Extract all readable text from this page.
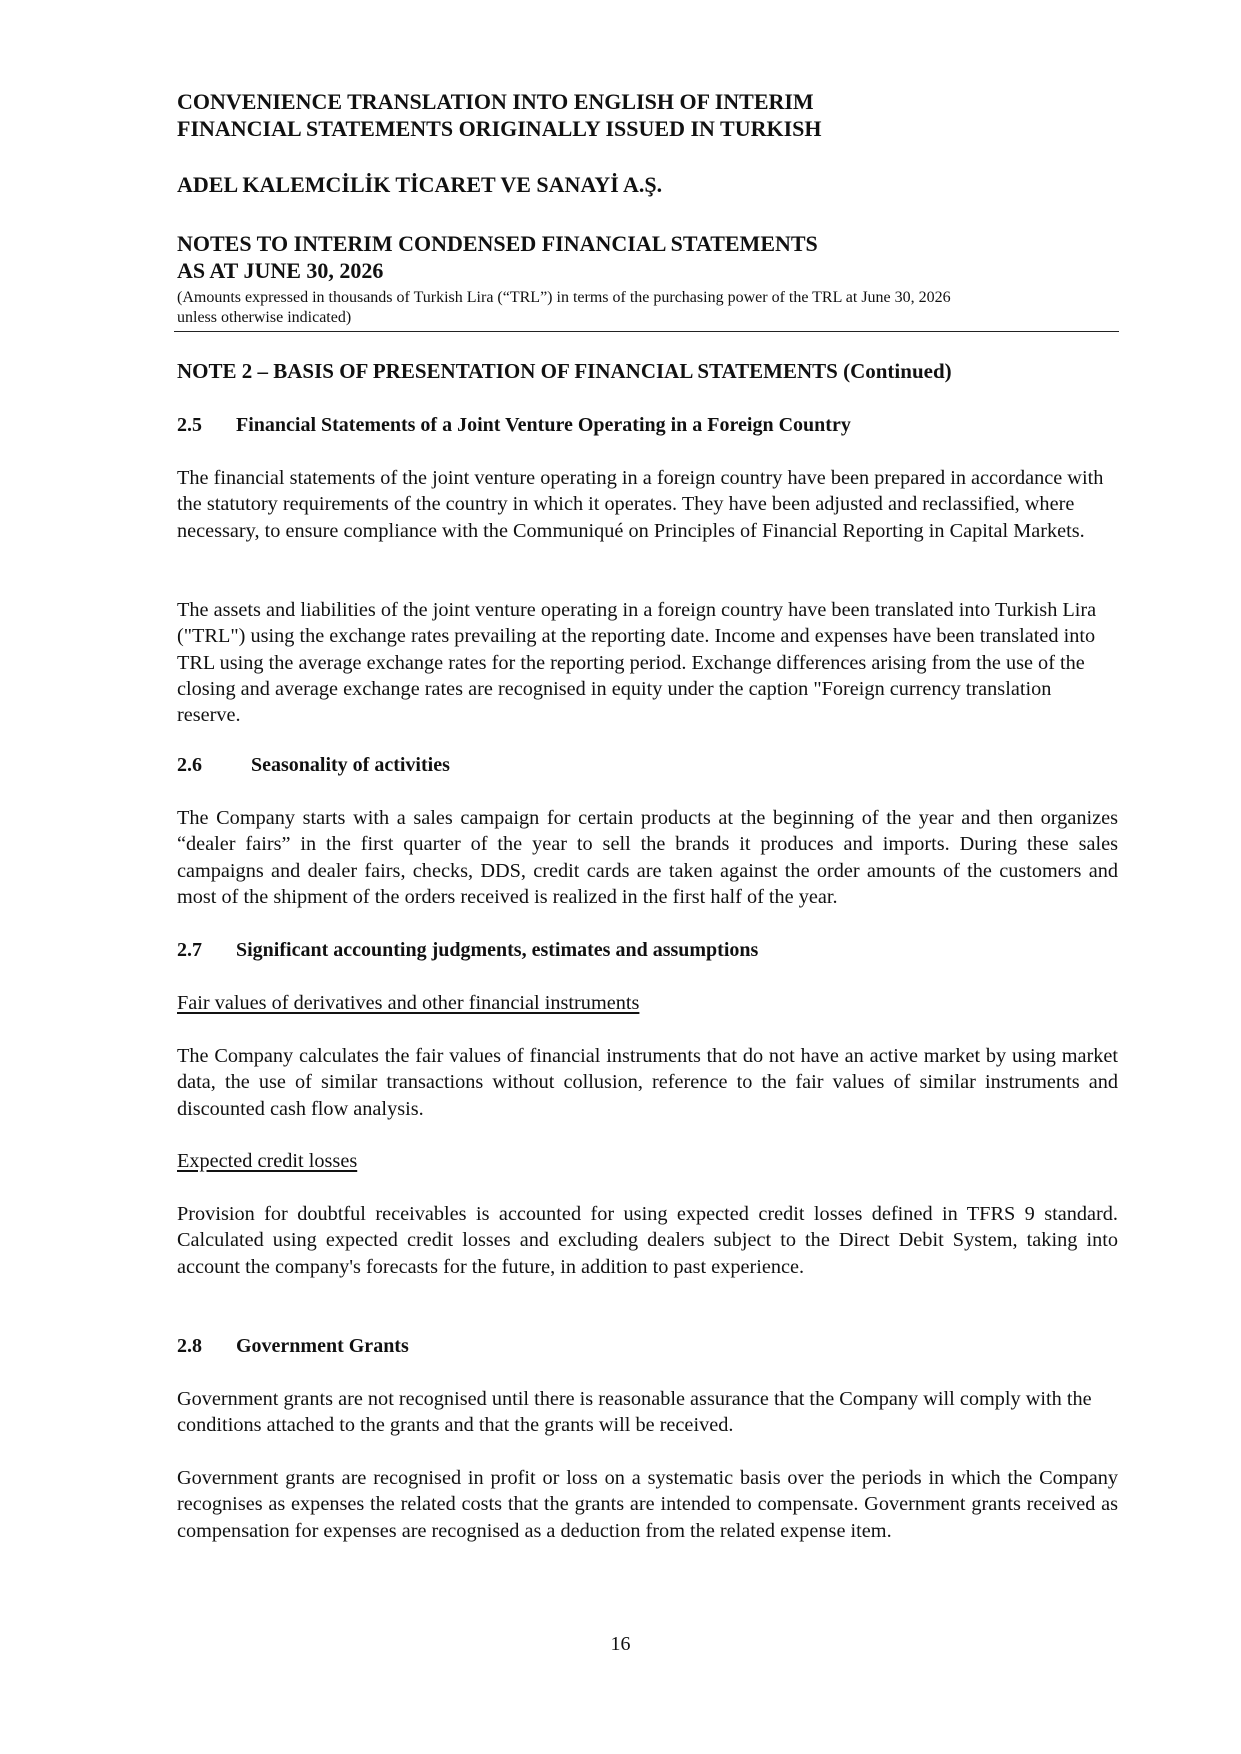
CONVENIENCE TRANSLATION INTO ENGLISH OF INTERIM

FINANCIAL STATEMENTS ORIGINALLY ISSUED IN TURKISH

ADEL KALEMCİLİK TİCARET VE SANAYİ A.Ş.

NOTES TO INTERIM CONDENSED FINANCIAL STATEMENTS

AS AT JUNE 30, 2026

(Amounts expressed in thousands of Turkish Lira (“TRL”) in terms of the purchasing power of the TRL at June 30, 2026
unless otherwise indicated)

NOTE 2 – BASIS OF PRESENTATION OF FINANCIAL STATEMENTS (Continued)

2.5 Financial Statements of a Joint Venture Operating in a Foreign Country

The financial statements of the joint venture operating in a foreign country have been prepared in accordance with the statutory requirements of the country in which it operates. They have been adjusted and reclassified, where necessary, to ensure compliance with the Communiqué on Principles of Financial Reporting in Capital Markets.

The assets and liabilities of the joint venture operating in a foreign country have been translated into Turkish Lira ("TRL") using the exchange rates prevailing at the reporting date. Income and expenses have been translated into TRL using the average exchange rates for the reporting period. Exchange differences arising from the use of the closing and average exchange rates are recognised in equity under the caption "Foreign currency translation reserve.

2.6 Seasonality of activities

The Company starts with a sales campaign for certain products at the beginning of the year and then organizes “dealer fairs” in the first quarter of the year to sell the brands it produces and imports. During these sales campaigns and dealer fairs, checks, DDS, credit cards are taken against the order amounts of the customers and most of the shipment of the orders received is realized in the first half of the year.

2.7 Significant accounting judgments, estimates and assumptions

Fair values of derivatives and other financial instruments

The Company calculates the fair values of financial instruments that do not have an active market by using market data, the use of similar transactions without collusion, reference to the fair values of similar instruments and discounted cash flow analysis.

Expected credit losses

Provision for doubtful receivables is accounted for using expected credit losses defined in TFRS 9 standard. Calculated using expected credit losses and excluding dealers subject to the Direct Debit System, taking into account the company's forecasts for the future, in addition to past experience.

2.8 Government Grants

Government grants are not recognised until there is reasonable assurance that the Company will comply with the conditions attached to the grants and that the grants will be received.

Government grants are recognised in profit or loss on a systematic basis over the periods in which the Company recognises as expenses the related costs that the grants are intended to compensate. Government grants received as compensation for expenses are recognised as a deduction from the related expense item.

16
